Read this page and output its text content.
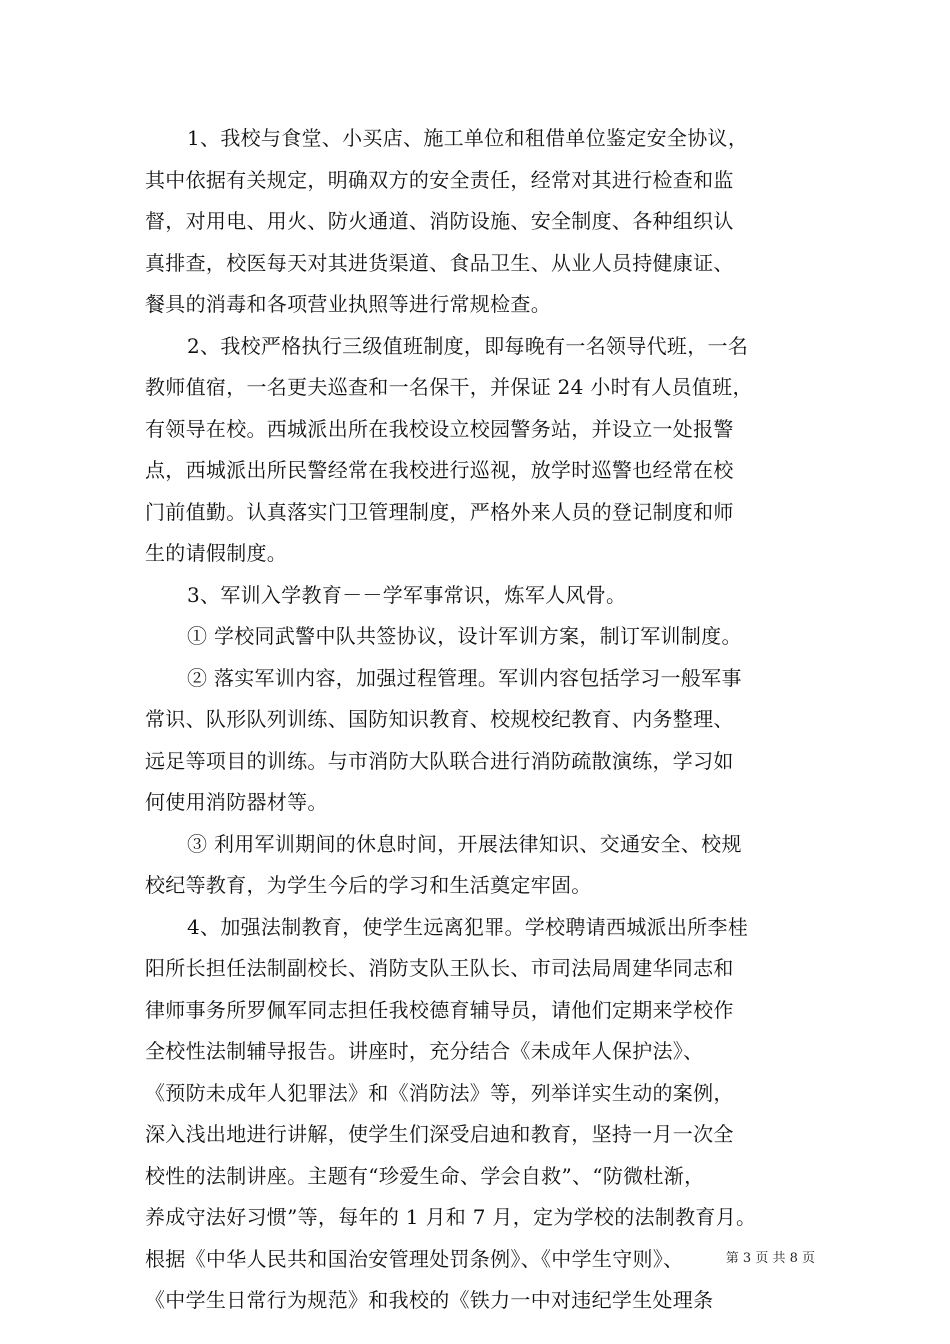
1、我校与食堂、小买店、施工单位和租借单位鉴定安全协议，
其中依据有关规定，明确双方的安全责任，经常对其进行检查和监
督，对用电、用火、防火通道、消防设施、安全制度、各种组织认
真排查，校医每天对其进货渠道、食品卫生、从业人员持健康证、
餐具的消毒和各项营业执照等进行常规检查。
2、我校严格执行三级值班制度，即每晚有一名领导代班，一名
教师值宿，一名更夫巡查和一名保干，并保证 24 小时有人员值班，
有领导在校。西城派出所在我校设立校园警务站，并设立一处报警
点，西城派出所民警经常在我校进行巡视，放学时巡警也经常在校
门前值勤。认真落实门卫管理制度，严格外来人员的登记制度和师
生的请假制度。
3、军训入学教育－－学军事常识，炼军人风骨。
① 学校同武警中队共签协议，设计军训方案，制订军训制度。
② 落实军训内容，加强过程管理。军训内容包括学习一般军事
常识、队形队列训练、国防知识教育、校规校纪教育、内务整理、
远足等项目的训练。与市消防大队联合进行消防疏散演练，学习如
何使用消防器材等。
③ 利用军训期间的休息时间，开展法律知识、交通安全、校规
校纪等教育，为学生今后的学习和生活奠定牢固。
4、加强法制教育，使学生远离犯罪。学校聘请西城派出所李桂
阳所长担任法制副校长、消防支队王队长、市司法局周建华同志和
律师事务所罗佩军同志担任我校德育辅导员，请他们定期来学校作
全校性法制辅导报告。讲座时，充分结合《未成年人保护法》、
《预防未成年人犯罪法》和《消防法》等，列举详实生动的案例，
深入浅出地进行讲解，使学生们深受启迪和教育，坚持一月一次全
校性的法制讲座。主题有“珍爱生命、学会自救”、“防微杜渐，
养成守法好习惯”等，每年的 1 月和 7 月，定为学校的法制教育月。
根据《中华人民共和国治安管理处罚条例》、《中学生守则》、
《中学生日常行为规范》和我校的《铁力一中对违纪学生处理条
第 3 页 共 8 页
